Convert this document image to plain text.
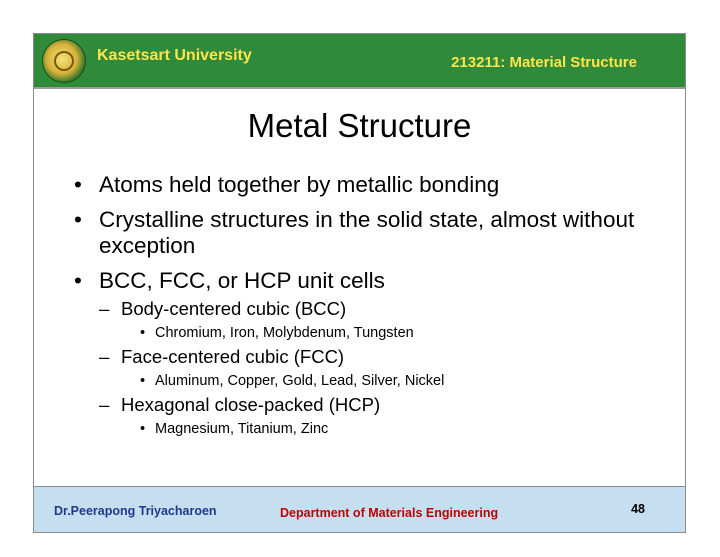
Kasetsart University	213211: Material Structure
Metal Structure
• Atoms held together by metallic bonding
• Crystalline structures in the solid state, almost without exception
• BCC, FCC, or HCP unit cells
– Body-centered cubic (BCC)
• Chromium, Iron, Molybdenum, Tungsten
– Face-centered cubic (FCC)
• Aluminum, Copper, Gold, Lead, Silver, Nickel
– Hexagonal close-packed (HCP)
• Magnesium, Titanium, Zinc
Dr.Peerapong Triyacharoen	Department of Materials Engineering	48
